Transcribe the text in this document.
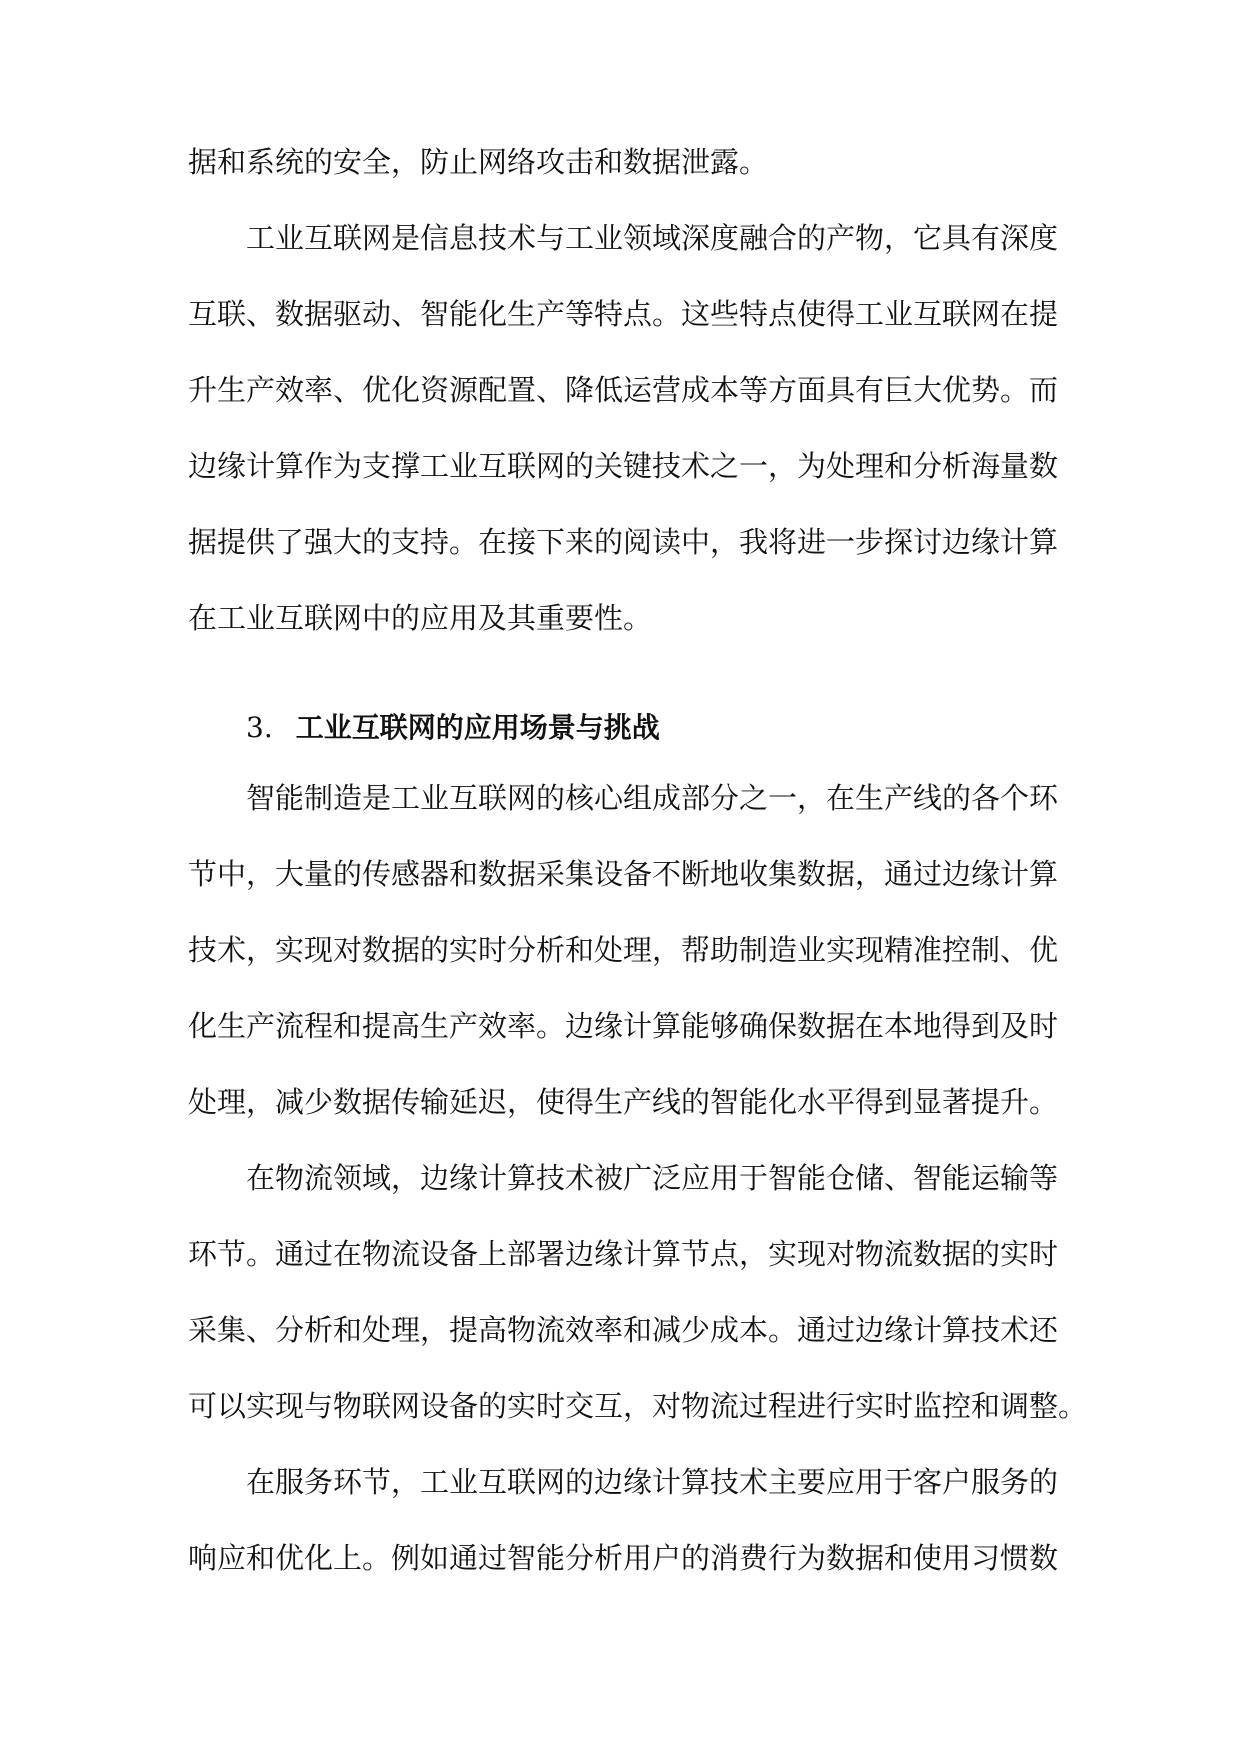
据和系统的安全，防止网络攻击和数据泄露。
工业互联网是信息技术与工业领域深度融合的产物，它具有深度
互联、数据驱动、智能化生产等特点。这些特点使得工业互联网在提
升生产效率、优化资源配置、降低运营成本等方面具有巨大优势。而
边缘计算作为支撑工业互联网的关键技术之一，为处理和分析海量数
据提供了强大的支持。在接下来的阅读中，我将进一步探讨边缘计算
在工业互联网中的应用及其重要性。
3. 工业互联网的应用场景与挑战
智能制造是工业互联网的核心组成部分之一，在生产线的各个环
节中，大量的传感器和数据采集设备不断地收集数据，通过边缘计算
技术，实现对数据的实时分析和处理，帮助制造业实现精准控制、优
化生产流程和提高生产效率。边缘计算能够确保数据在本地得到及时
处理，减少数据传输延迟，使得生产线的智能化水平得到显著提升。
在物流领域，边缘计算技术被广泛应用于智能仓储、智能运输等
环节。通过在物流设备上部署边缘计算节点，实现对物流数据的实时
采集、分析和处理，提高物流效率和减少成本。通过边缘计算技术还
可以实现与物联网设备的实时交互，对物流过程进行实时监控和调整。
在服务环节，工业互联网的边缘计算技术主要应用于客户服务的
响应和优化上。例如通过智能分析用户的消费行为数据和使用习惯数
